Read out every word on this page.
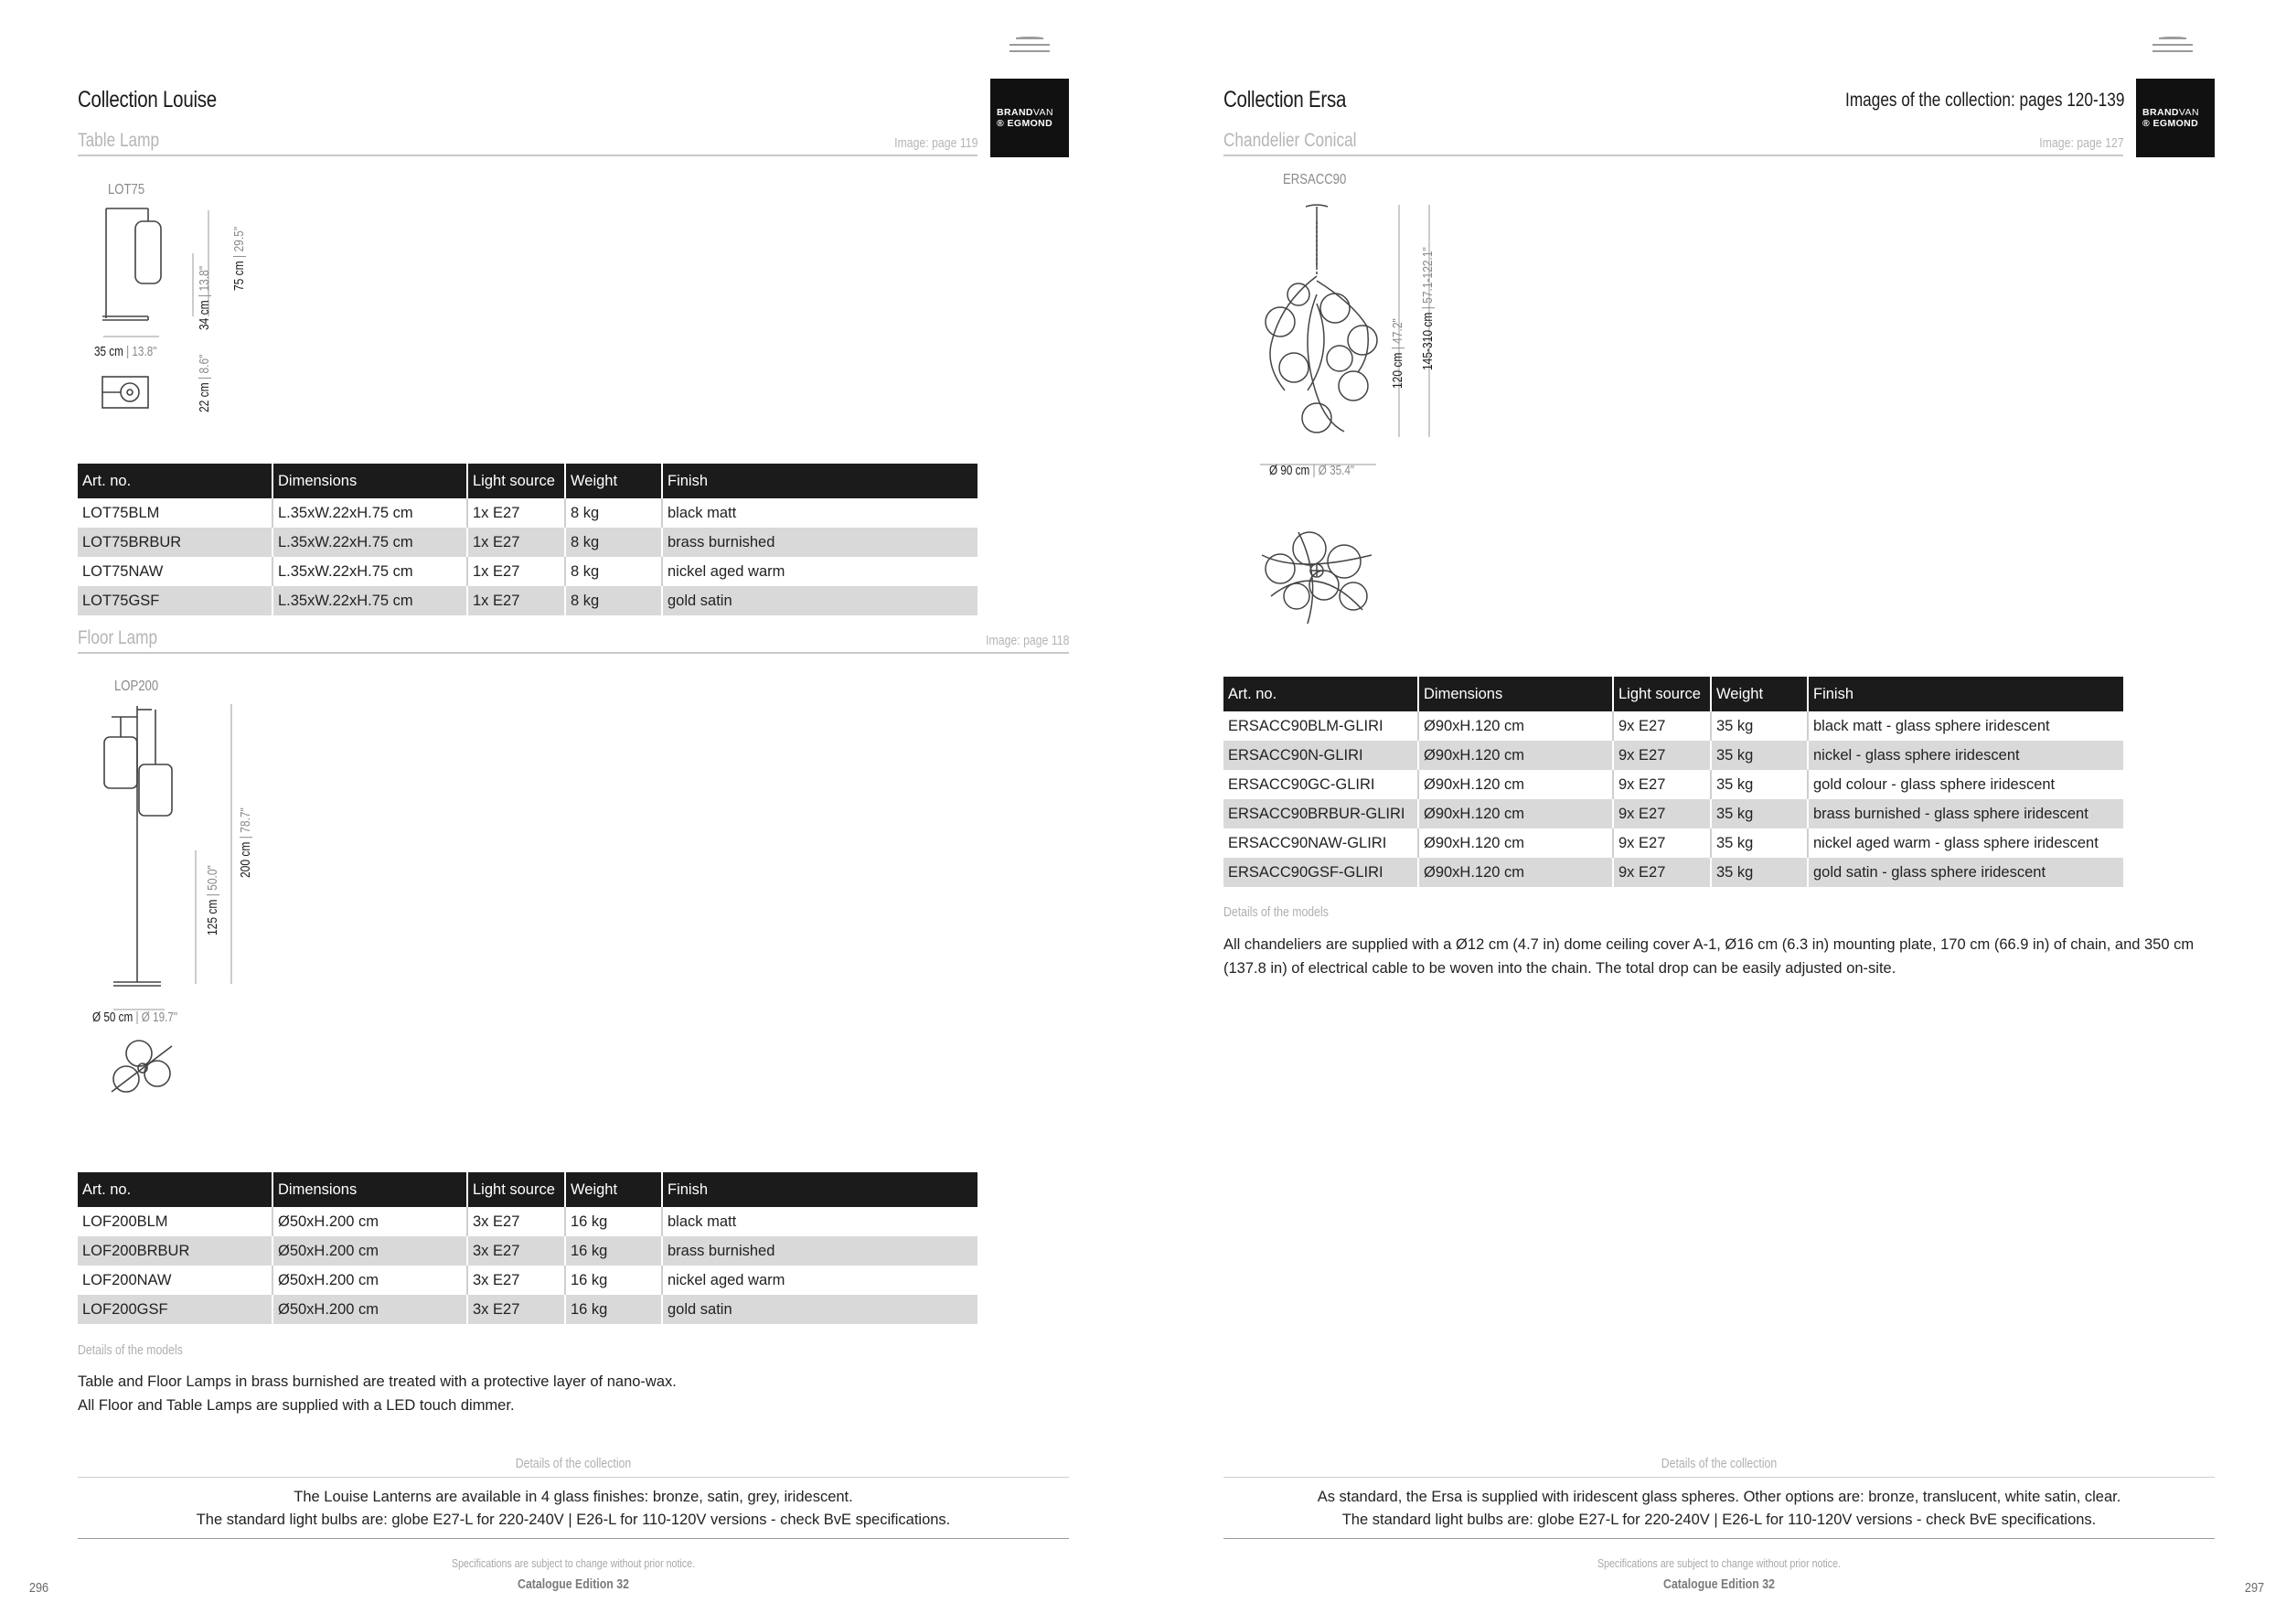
Collection Louise	BRANDVAN
® EGMOND
Table Lamp	Image: page 119
LOT75
35 cm | 13.8"
75 cm | 29.5"
34 cm | 13.8"
22 cm | 8.6"
Art. no.	Dimensions	Light source	Weight	Finish
LOT75BLM	L.35xW.22xH.75 cm	1x E27	8 kg	black matt
LOT75BRBUR	L.35xW.22xH.75 cm	1x E27	8 kg	brass burnished
LOT75NAW	L.35xW.22xH.75 cm	1x E27	8 kg	nickel aged warm
LOT75GSF	L.35xW.22xH.75 cm	1x E27	8 kg	gold satin
Floor Lamp	Image: page 118
LOP200
Ø 50 cm | Ø 19.7"
200 cm | 78.7"
125 cm | 50.0"
Art. no.	Dimensions	Light source	Weight	Finish
LOF200BLM	Ø50xH.200 cm	3x E27	16 kg	black matt
LOF200BRBUR	Ø50xH.200 cm	3x E27	16 kg	brass burnished
LOF200NAW	Ø50xH.200 cm	3x E27	16 kg	nickel aged warm
LOF200GSF	Ø50xH.200 cm	3x E27	16 kg	gold satin
Details of the models
Table and Floor Lamps in brass burnished are treated with a protective layer of nano-wax.
All Floor and Table Lamps are supplied with a LED touch dimmer.
Details of the collection
The Louise Lanterns are available in 4 glass finishes: bronze, satin, grey, iridescent.
The standard light bulbs are: globe E27-L for 220-240V | E26-L for 110-120V versions - check BvE specifications.
Specifications are subject to change without prior notice.
Catalogue Edition 32
296
Collection Ersa	Images of the collection: pages 120-139
BRANDVAN
® EGMOND
Chandelier Conical	Image: page 127
ERSACC90
Ø 90 cm | Ø 35.4"
120 cm | 47.2" 145-310 cm | 57.1-122.1"
Art. no.	Dimensions	Light source	Weight	Finish
ERSACC90BLM-GLIRI	Ø90xH.120 cm	9x E27	35 kg	black matt - glass sphere iridescent
ERSACC90N-GLIRI	Ø90xH.120 cm	9x E27	35 kg	nickel - glass sphere iridescent
ERSACC90GC-GLIRI	Ø90xH.120 cm	9x E27	35 kg	gold colour - glass sphere iridescent
ERSACC90BRBUR-GLIRI	Ø90xH.120 cm	9x E27	35 kg	brass burnished - glass sphere iridescent
ERSACC90NAW-GLIRI	Ø90xH.120 cm	9x E27	35 kg	nickel aged warm - glass sphere iridescent
ERSACC90GSF-GLIRI	Ø90xH.120 cm	9x E27	35 kg	gold satin - glass sphere iridescent
Details of the models
All chandeliers are supplied with a Ø12 cm (4.7 in) dome ceiling cover A-1, Ø16 cm (6.3 in) mounting plate, 170 cm (66.9 in) of chain, and 350 cm
(137.8 in) of electrical cable to be woven into the chain. The total drop can be easily adjusted on-site.
Details of the collection
As standard, the Ersa is supplied with iridescent glass spheres. Other options are: bronze, translucent, white satin, clear.
The standard light bulbs are: globe E27-L for 220-240V | E26-L for 110-120V versions - check BvE specifications.
Specifications are subject to change without prior notice.
Catalogue Edition 32	297
